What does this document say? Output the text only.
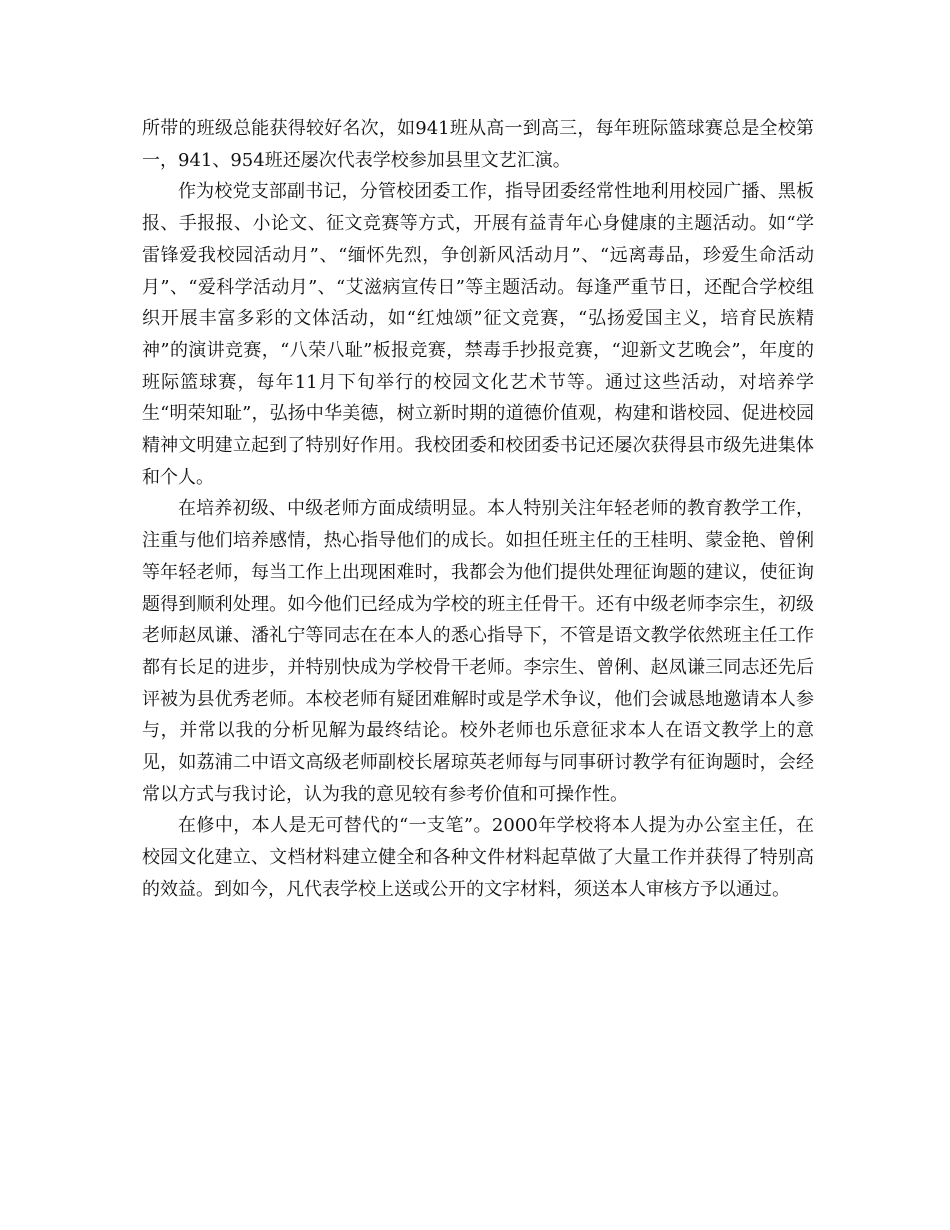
所带的班级总能获得较好名次，如941班从高一到高三，每年班际篮球赛总是全校第一，941、954班还屡次代表学校参加县里文艺汇演。

作为校党支部副书记，分管校团委工作，指导团委经常性地利用校园广播、黑板报、手报报、小论文、征文竞赛等方式，开展有益青年心身健康的主题活动。如“学雷锋爱我校园活动月”、“缅怀先烈，争创新风活动月”、“远离毒品，珍爱生命活动月”、“爱科学活动月”、“艾滋病宣传日”等主题活动。每逢严重节日，还配合学校组织开展丰富多彩的文体活动，如“红烛颂”征文竞赛，“弘扬爱国主义，培育民族精神”的演讲竞赛，“八荣八耻”板报竞赛，禁毒手抄报竞赛，“迎新文艺晚会”，年度的班际篮球赛，每年11月下旬举行的校园文化艺术节等。通过这些活动，对培养学生“明荣知耻”，弘扬中华美德，树立新时期的道德价值观，构建和谐校园、促进校园精神文明建立起到了特别好作用。我校团委和校团委书记还屡次获得县市级先进集体和个人。

在培养初级、中级老师方面成绩明显。本人特别关注年轻老师的教育教学工作，注重与他们培养感情，热心指导他们的成长。如担任班主任的王桂明、蒙金艳、曾俐等年轻老师，每当工作上出现困难时，我都会为他们提供处理征询题的建议，使征询题得到顺利处理。如今他们已经成为学校的班主任骨干。还有中级老师李宗生，初级老师赵凤谦、潘礼宁等同志在在本人的悉心指导下，不管是语文教学依然班主任工作都有长足的进步，并特别快成为学校骨干老师。李宗生、曾俐、赵凤谦三同志还先后评被为县优秀老师。本校老师有疑团难解时或是学术争议，他们会诚恳地邀请本人参与，并常以我的分析见解为最终结论。校外老师也乐意征求本人在语文教学上的意见，如荔浦二中语文高级老师副校长屠琼英老师每与同事研讨教学有征询题时，会经常以方式与我讨论，认为我的意见较有参考价值和可操作性。

在修中，本人是无可替代的“一支笔”。2000年学校将本人提为办公室主任，在校园文化建立、文档材料建立健全和各种文件材料起草做了大量工作并获得了特别高的效益。到如今，凡代表学校上送或公开的文字材料，须送本人审核方予以通过。
